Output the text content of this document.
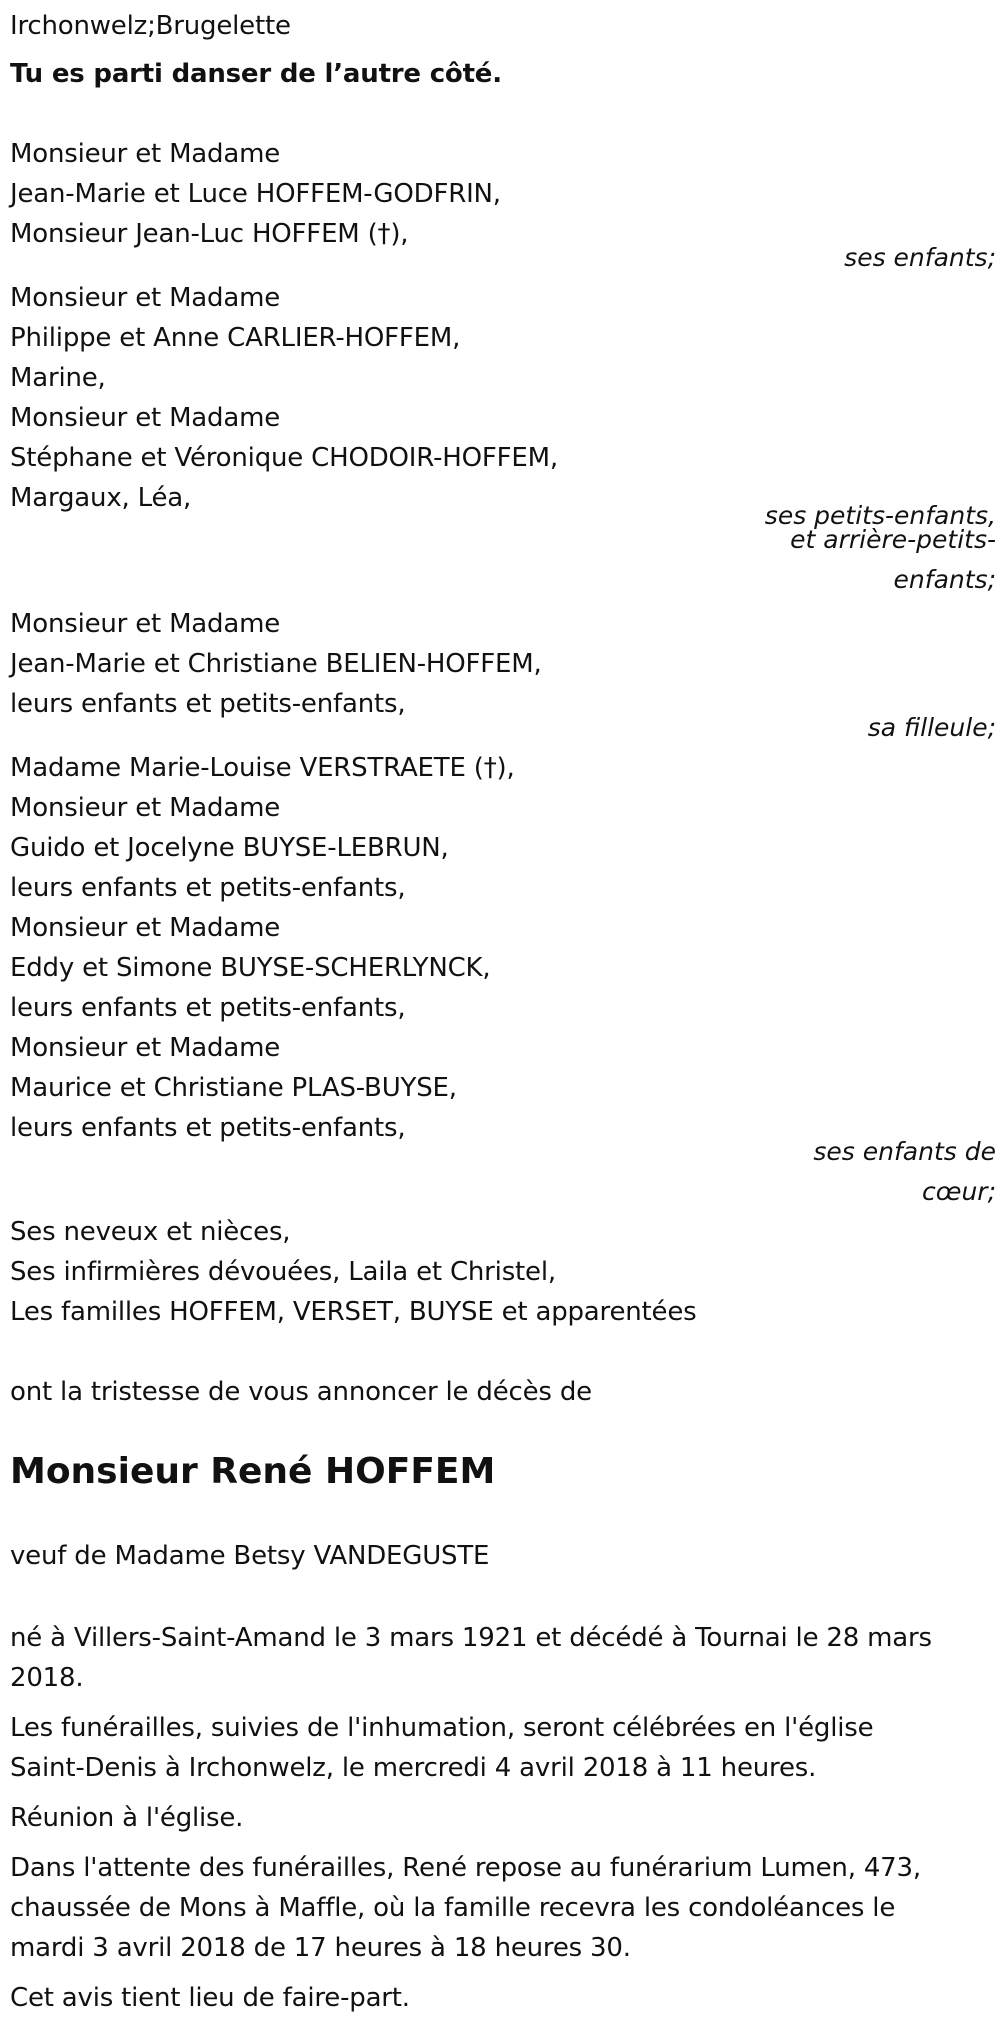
Irchonwelz;Brugelette
Tu es parti danser de l’autre côté.
Monsieur et Madame
Jean-Marie et Luce HOFFEM-GODFRIN,
Monsieur Jean-Luc HOFFEM (†),
ses enfants;
Monsieur et Madame
Philippe et Anne CARLIER-HOFFEM,
Marine,
Monsieur et Madame
Stéphane et Véronique CHODOIR-HOFFEM,
Margaux, Léa,
ses petits-enfants,
et arrière-petits-
enfants;
Monsieur et Madame
Jean-Marie et Christiane BELIEN-HOFFEM,
leurs enfants et petits-enfants,
sa filleule;
Madame Marie-Louise VERSTRAETE (†),
Monsieur et Madame
Guido et Jocelyne BUYSE-LEBRUN,
leurs enfants et petits-enfants,
Monsieur et Madame
Eddy et Simone BUYSE-SCHERLYNCK,
leurs enfants et petits-enfants,
Monsieur et Madame
Maurice et Christiane PLAS-BUYSE,
leurs enfants et petits-enfants,
ses enfants de
cœur;
Ses neveux et nièces,
Ses infirmières dévouées, Laila et Christel,
Les familles HOFFEM, VERSET, BUYSE et apparentées
ont la tristesse de vous annoncer le décès de
Monsieur René HOFFEM
veuf de Madame Betsy VANDEGUSTE
né à Villers-Saint-Amand le 3 mars 1921 et décédé à Tournai le 28 mars
2018.
Les funérailles, suivies de l'inhumation, seront célébrées en l'église
Saint-Denis à Irchonwelz, le mercredi 4 avril 2018 à 11 heures.
Réunion à l'église.
Dans l'attente des funérailles, René repose au funérarium Lumen, 473,
chaussée de Mons à Maffle, où la famille recevra les condoléances le
mardi 3 avril 2018 de 17 heures à 18 heures 30.
Cet avis tient lieu de faire-part.
